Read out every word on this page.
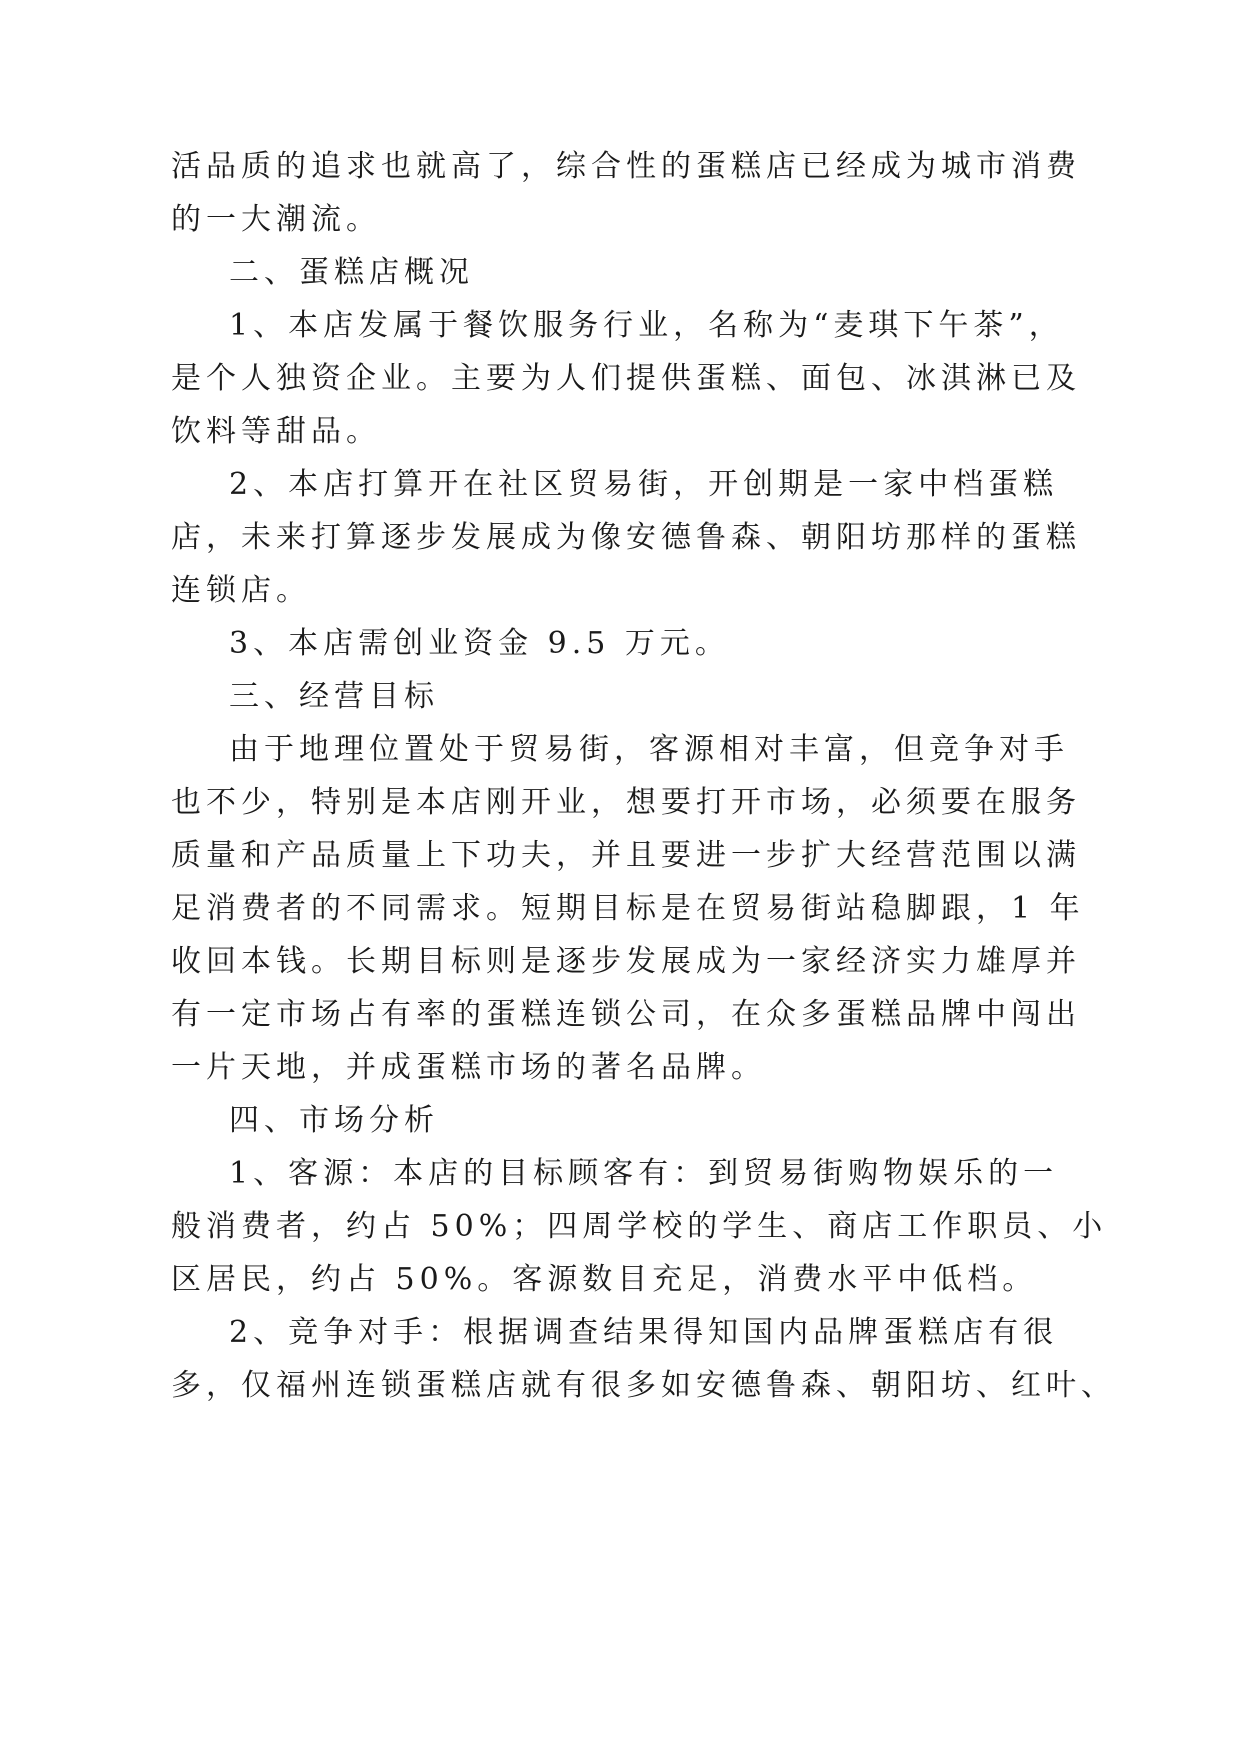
活品质的追求也就高了，综合性的蛋糕店已经成为城市消费
的一大潮流。
二、蛋糕店概况
1、本店发属于餐饮服务行业，名称为“麦琪下午茶”，
是个人独资企业。主要为人们提供蛋糕、面包、冰淇淋已及
饮料等甜品。
2、本店打算开在社区贸易街，开创期是一家中档蛋糕
店，未来打算逐步发展成为像安德鲁森、朝阳坊那样的蛋糕
连锁店。
3、本店需创业资金 9.5 万元。
三、经营目标
由于地理位置处于贸易街，客源相对丰富，但竞争对手
也不少，特别是本店刚开业，想要打开市场，必须要在服务
质量和产品质量上下功夫，并且要进一步扩大经营范围以满
足消费者的不同需求。短期目标是在贸易街站稳脚跟，1 年
收回本钱。长期目标则是逐步发展成为一家经济实力雄厚并
有一定市场占有率的蛋糕连锁公司，在众多蛋糕品牌中闯出
一片天地，并成蛋糕市场的著名品牌。
四、市场分析
1、客源：本店的目标顾客有：到贸易街购物娱乐的一
般消费者，约占 50%；四周学校的学生、商店工作职员、小
区居民，约占 50%。客源数目充足，消费水平中低档。
2、竞争对手：根据调查结果得知国内品牌蛋糕店有很
多，仅福州连锁蛋糕店就有很多如安德鲁森、朝阳坊、红叶、
